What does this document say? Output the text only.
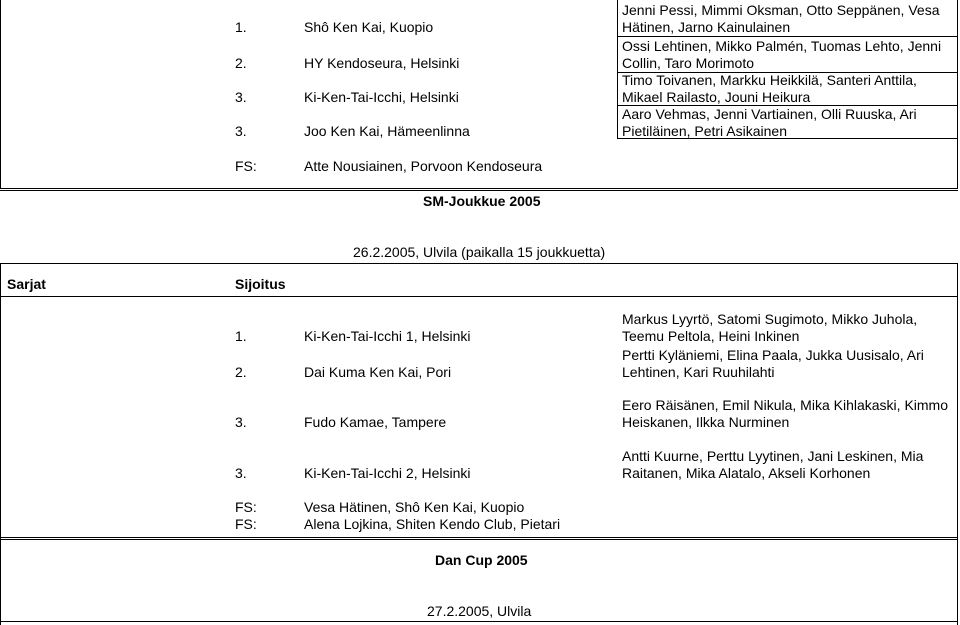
1.	Shô Ken Kai, Kuopio
Jenni Pessi, Mimmi Oksman, Otto Seppänen, Vesa
Hätinen, Jarno Kainulainen
2.	HY Kendoseura, Helsinki
Ossi Lehtinen, Mikko Palmén, Tuomas Lehto, Jenni
Collin, Taro Morimoto
3.	Ki-Ken-Tai-Icchi, Helsinki
Timo Toivanen, Markku Heikkilä, Santeri Anttila,
Mikael Railasto, Jouni Heikura
3.	Joo Ken Kai, Hämeenlinna
Aaro Vehmas, Jenni Vartiainen, Olli Ruuska, Ari
Pietiläinen, Petri Asikainen
FS:	Atte Nousiainen, Porvoon Kendoseura
SM-Joukkue 2005
26.2.2005, Ulvila (paikalla 15 joukkuetta)
Sarjat	Sijoitus
1.	Ki-Ken-Tai-Icchi 1, Helsinki
Markus Lyyrtö, Satomi Sugimoto, Mikko Juhola,
Teemu Peltola, Heini Inkinen
2.	Dai Kuma Ken Kai, Pori
Pertti Kyläniemi, Elina Paala, Jukka Uusisalo, Ari
Lehtinen, Kari Ruuhilahti
3.	Fudo Kamae, Tampere
Eero Räisänen, Emil Nikula, Mika Kihlakaski, Kimmo
Heiskanen, Ilkka Nurminen
3.	Ki-Ken-Tai-Icchi 2, Helsinki
Antti Kuurne, Perttu Lyytinen, Jani Leskinen, Mia
Raitanen, Mika Alatalo, Akseli Korhonen
FS:	Vesa Hätinen, Shô Ken Kai, Kuopio
FS:	Alena Lojkina, Shiten Kendo Club, Pietari
Dan Cup 2005
27.2.2005, Ulvila
